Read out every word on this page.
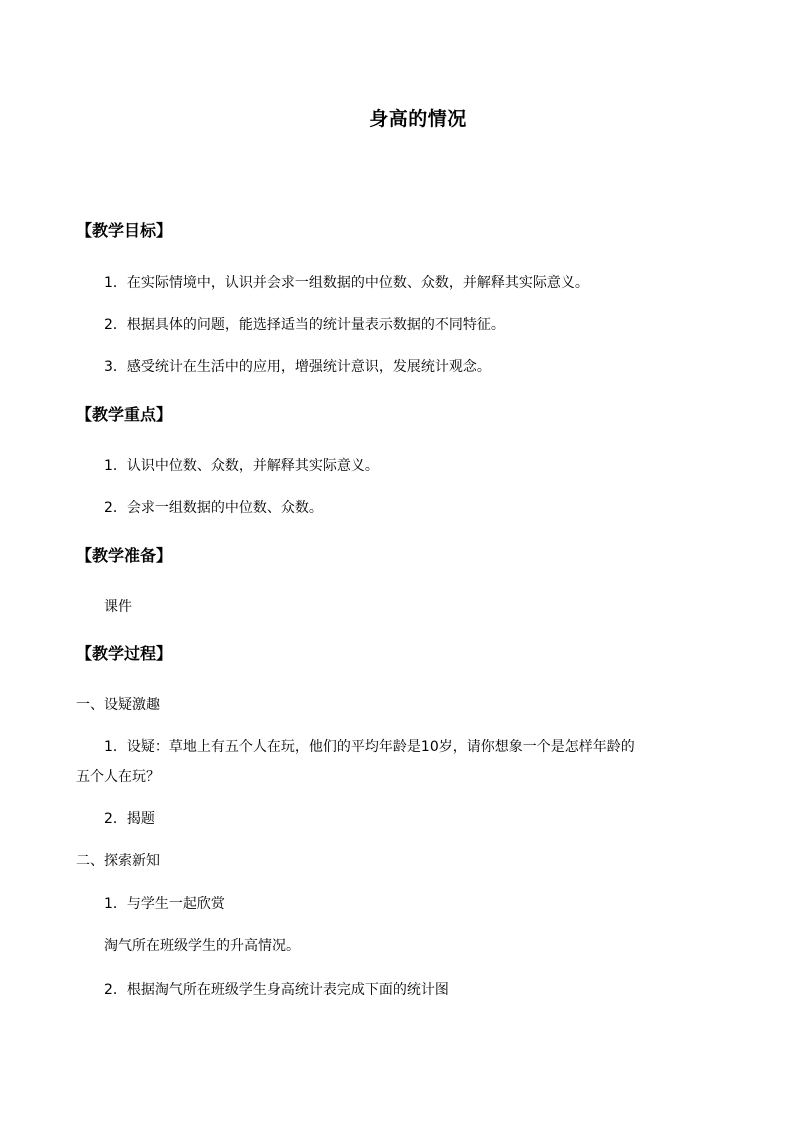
身高的情况
【教学目标】
1．在实际情境中，认识并会求一组数据的中位数、众数，并解释其实际意义。
2．根据具体的问题，能选择适当的统计量表示数据的不同特征。
3．感受统计在生活中的应用，增强统计意识，发展统计观念。
【教学重点】
1．认识中位数、众数，并解释其实际意义。
2．会求一组数据的中位数、众数。
【教学准备】
课件
【教学过程】
一、设疑激趣
1．设疑：草地上有五个人在玩，他们的平均年龄是10岁，请你想象一个是怎样年龄的
五个人在玩？
2．揭题
二、探索新知
1．与学生一起欣赏
淘气所在班级学生的升高情况。
2．根据淘气所在班级学生身高统计表完成下面的统计图
